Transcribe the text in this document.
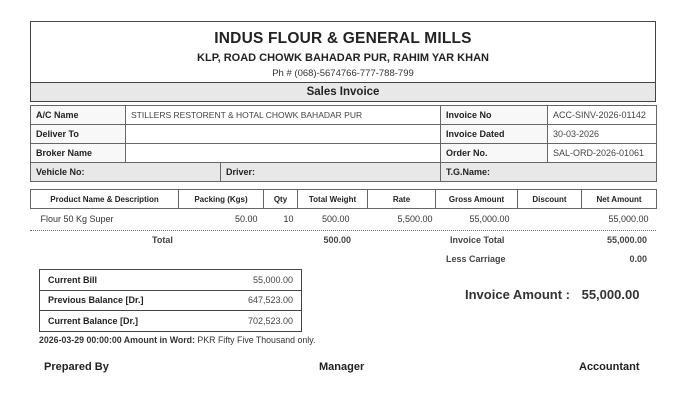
INDUS FLOUR & GENERAL MILLS
KLP, ROAD CHOWK BAHADAR PUR, RAHIM YAR KHAN
Ph # (068)-5674766-777-788-799
Sales Invoice
A/C Name	STILLERS RESTORENT & HOTAL CHOWK BAHADAR PUR		Invoice No	ACC-SINV-2026-01142
Deliver To			Invoice Dated	30-03-2026
Broker Name			Order No.	SAL-ORD-2026-01061
Vehicle No:		Driver:	T.G.Name:	
Product Name & Description	Packing (Kgs)	Qty	Total Weight	Rate	Gross Amount	Discount	Net Amount
Flour 50 Kg Super	50.00	10	500.00	5,500.00	55,000.00		55,000.00
Total	500.00	Invoice Total	55,000.00
Less Carriage	0.00
Current Bill	55,000.00
Previous Balance [Dr.]	647,523.00
Current Balance [Dr.]	702,523.00
Invoice Amount : 55,000.00
2026-03-29 00:00:00 Amount in Word: PKR Fifty Five Thousand only.
Prepared By	Manager	Accountant
